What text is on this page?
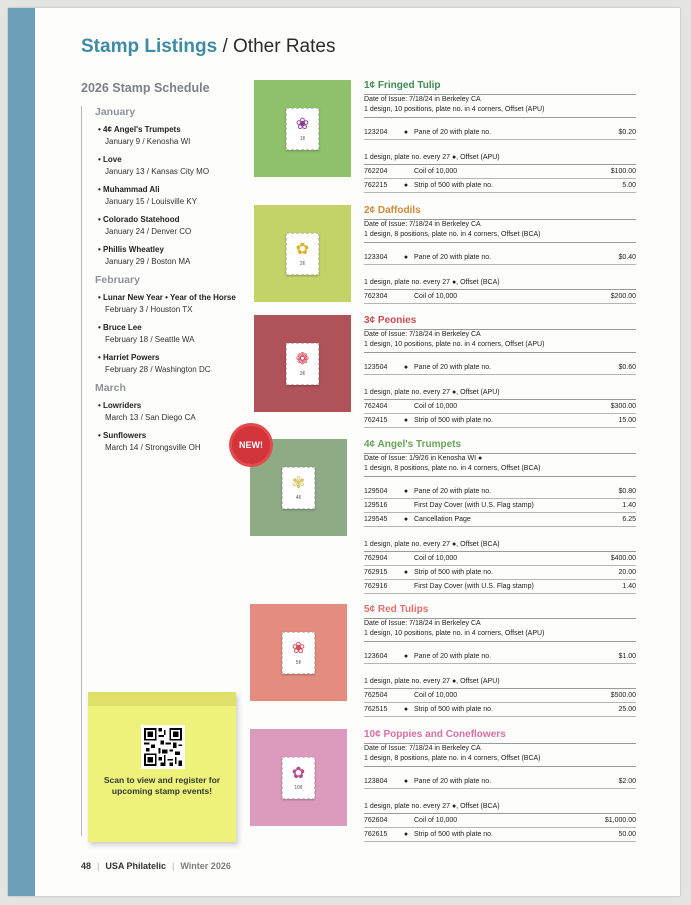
Stamp Listings / Other Rates
2026 Stamp Schedule
January
• 4¢ Angel's Trumpets
January 9 / Kenosha WI
• Love
January 13 / Kansas City MO
• Muhammad Ali
January 15 / Louisville KY
• Colorado Statehood
January 24 / Denver CO
• Phillis Wheatley
January 29 / Boston MA
February
• Lunar New Year • Year of the Horse
February 3 / Houston TX
• Bruce Lee
February 18 / Seattle WA
• Harriet Powers
February 28 / Washington DC
March
• Lowriders
March 13 / San Diego CA
• Sunflowers
March 14 / Strongsville OH
❀
1¢
✿
2¢
❁
3¢
✾
4¢
NEW!
❀
5¢
✿
10¢
Scan to view and register for upcoming stamp events!
1¢ Fringed Tulip
Date of Issue: 7/18/24 in Berkeley CA
1 design, 10 positions, plate no. in 4 corners, Offset (APU)
123204	● Pane of 20 with plate no.	$0.20
1 design, plate no. every 27 ●, Offset (APU)
762204	Coil of 10,000	$100.00
762215	● Strip of 500 with plate no.	5.00
2¢ Daffodils
Date of Issue: 7/18/24 in Berkeley CA
1 design, 8 positions, plate no. in 4 corners, Offset (BCA)
123304	● Pane of 20 with plate no.	$0.40
1 design, plate no. every 27 ●, Offset (BCA)
762304	Coil of 10,000	$200.00
3¢ Peonies
Date of Issue: 7/18/24 in Berkeley CA
1 design, 10 positions, plate no. in 4 corners, Offset (APU)
123504	● Pane of 20 with plate no.	$0.60
1 design, plate no. every 27 ●, Offset (APU)
762404	Coil of 10,000	$300.00
762415	● Strip of 500 with plate no.	15.00
4¢ Angel's Trumpets
Date of Issue: 1/9/26 in Kenosha WI ●
1 design, 8 positions, plate no. in 4 corners, Offset (BCA)
129504	● Pane of 20 with plate no.	$0.80
129516	First Day Cover (with U.S. Flag stamp)	1.40
129545	● Cancellation Page	6.25
1 design, plate no. every 27 ●, Offset (BCA)
762904	Coil of 10,000	$400.00
762915	● Strip of 500 with plate no.	20.00
762916	First Day Cover (with U.S. Flag stamp)	1.40
5¢ Red Tulips
Date of Issue: 7/18/24 in Berkeley CA
1 design, 10 positions, plate no. in 4 corners, Offset (APU)
123604	● Pane of 20 with plate no.	$1.00
1 design, plate no. every 27 ●, Offset (APU)
762504	Coil of 10,000	$500.00
762515	● Strip of 500 with plate no.	25.00
10¢ Poppies and Coneflowers
Date of Issue: 7/18/24 in Berkeley CA
1 design, 8 positions, plate no. in 4 corners, Offset (BCA)
123804	● Pane of 20 with plate no.	$2.00
1 design, plate no. every 27 ●, Offset (BCA)
762604	Coil of 10,000	$1,000.00
762615	● Strip of 500 with plate no.	50.00
48 | USA Philatelic | Winter 2026
